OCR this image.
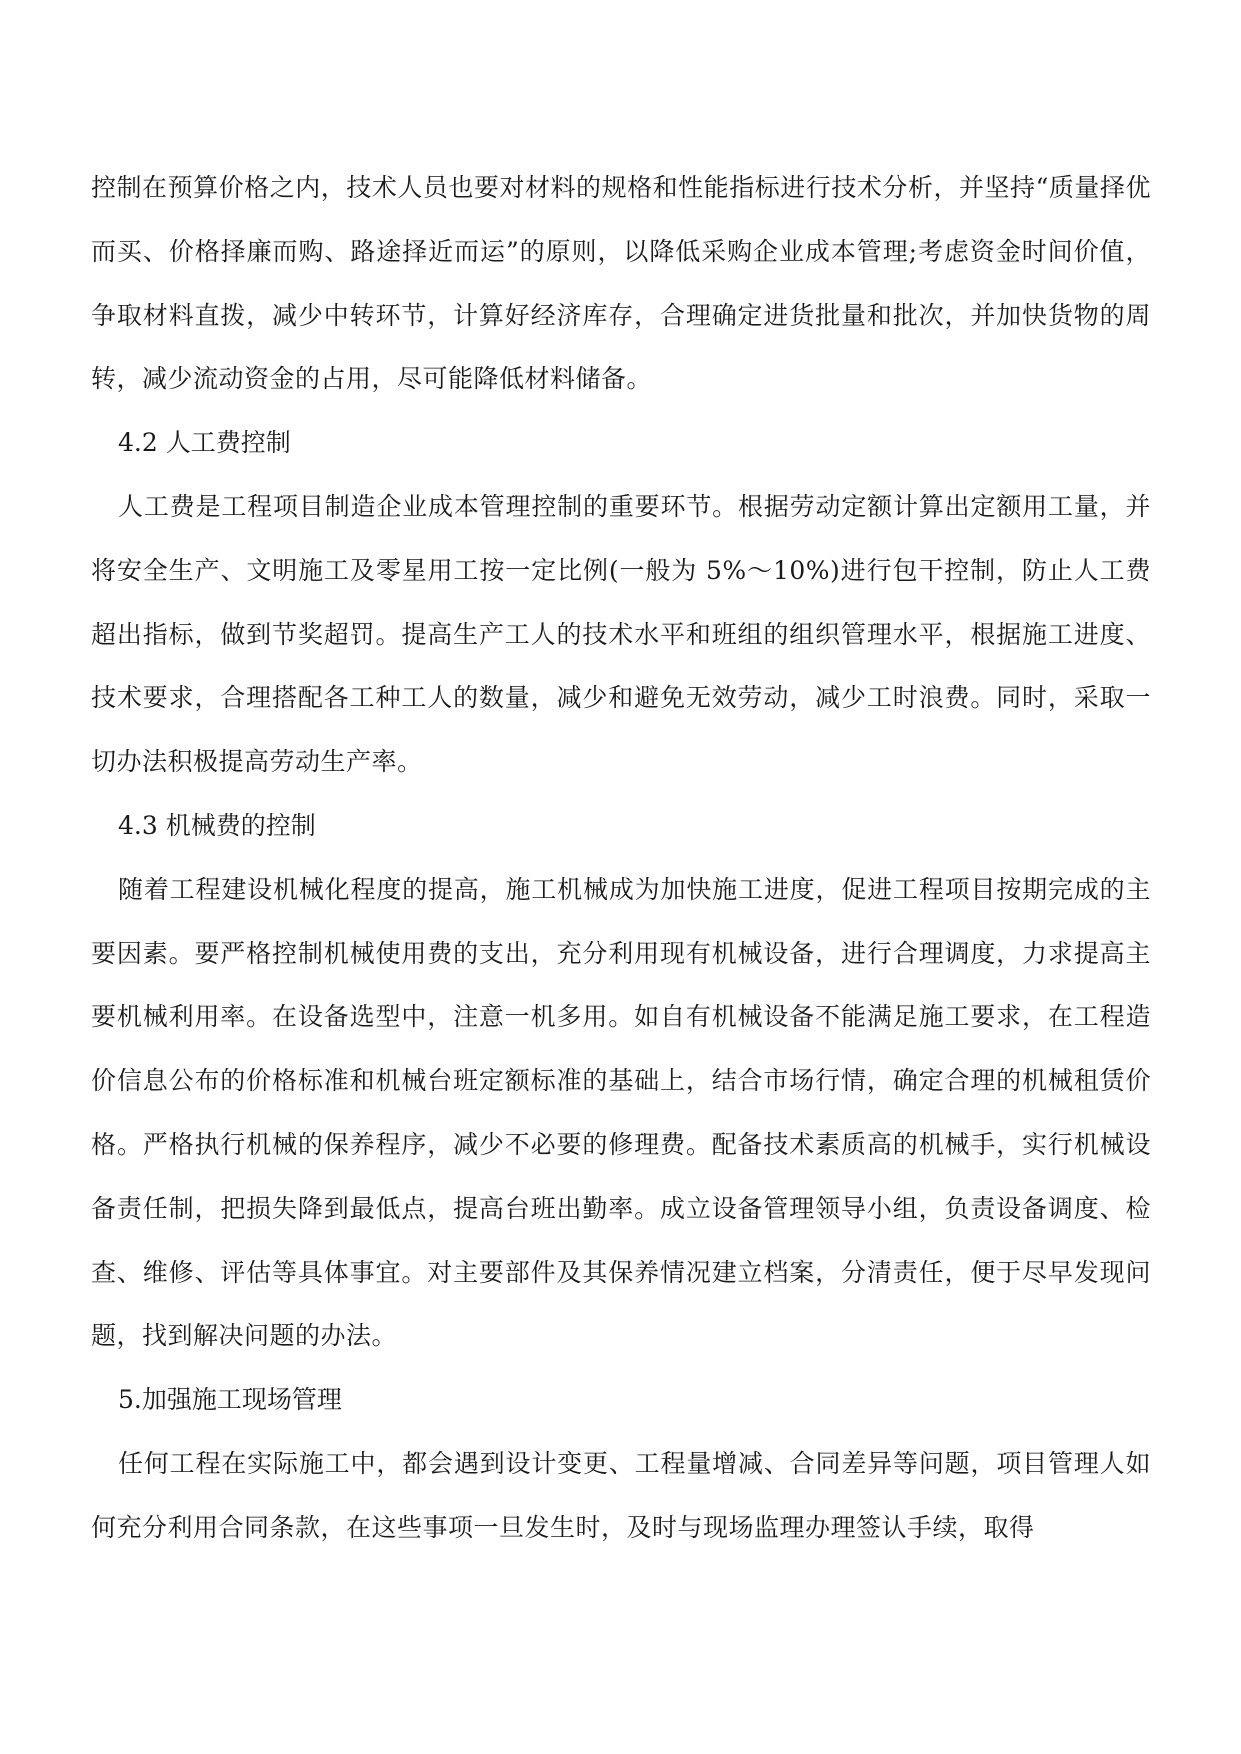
控制在预算价格之内，技术人员也要对材料的规格和性能指标进行技术分析，并坚持“质量择优而买、价格择廉而购、路途择近而运”的原则，以降低采购企业成本管理;考虑资金时间价值，争取材料直拨，减少中转环节，计算好经济库存，合理确定进货批量和批次，并加快货物的周转，减少流动资金的占用，尽可能降低材料储备。

4.2 人工费控制

人工费是工程项目制造企业成本管理控制的重要环节。根据劳动定额计算出定额用工量，并将安全生产、文明施工及零星用工按一定比例(一般为 5%～10%)进行包干控制，防止人工费超出指标，做到节奖超罚。提高生产工人的技术水平和班组的组织管理水平，根据施工进度、技术要求，合理搭配各工种工人的数量，减少和避免无效劳动，减少工时浪费。同时，采取一切办法积极提高劳动生产率。

4.3 机械费的控制

随着工程建设机械化程度的提高，施工机械成为加快施工进度，促进工程项目按期完成的主要因素。要严格控制机械使用费的支出，充分利用现有机械设备，进行合理调度，力求提高主要机械利用率。在设备选型中，注意一机多用。如自有机械设备不能满足施工要求，在工程造价信息公布的价格标准和机械台班定额标准的基础上，结合市场行情，确定合理的机械租赁价格。严格执行机械的保养程序，减少不必要的修理费。配备技术素质高的机械手，实行机械设备责任制，把损失降到最低点，提高台班出勤率。成立设备管理领导小组，负责设备调度、检查、维修、评估等具体事宜。对主要部件及其保养情况建立档案，分清责任，便于尽早发现问题，找到解决问题的办法。

5.加强施工现场管理

任何工程在实际施工中，都会遇到设计变更、工程量增减、合同差异等问题，项目管理人如何充分利用合同条款，在这些事项一旦发生时，及时与现场监理办理签认手续，取得
